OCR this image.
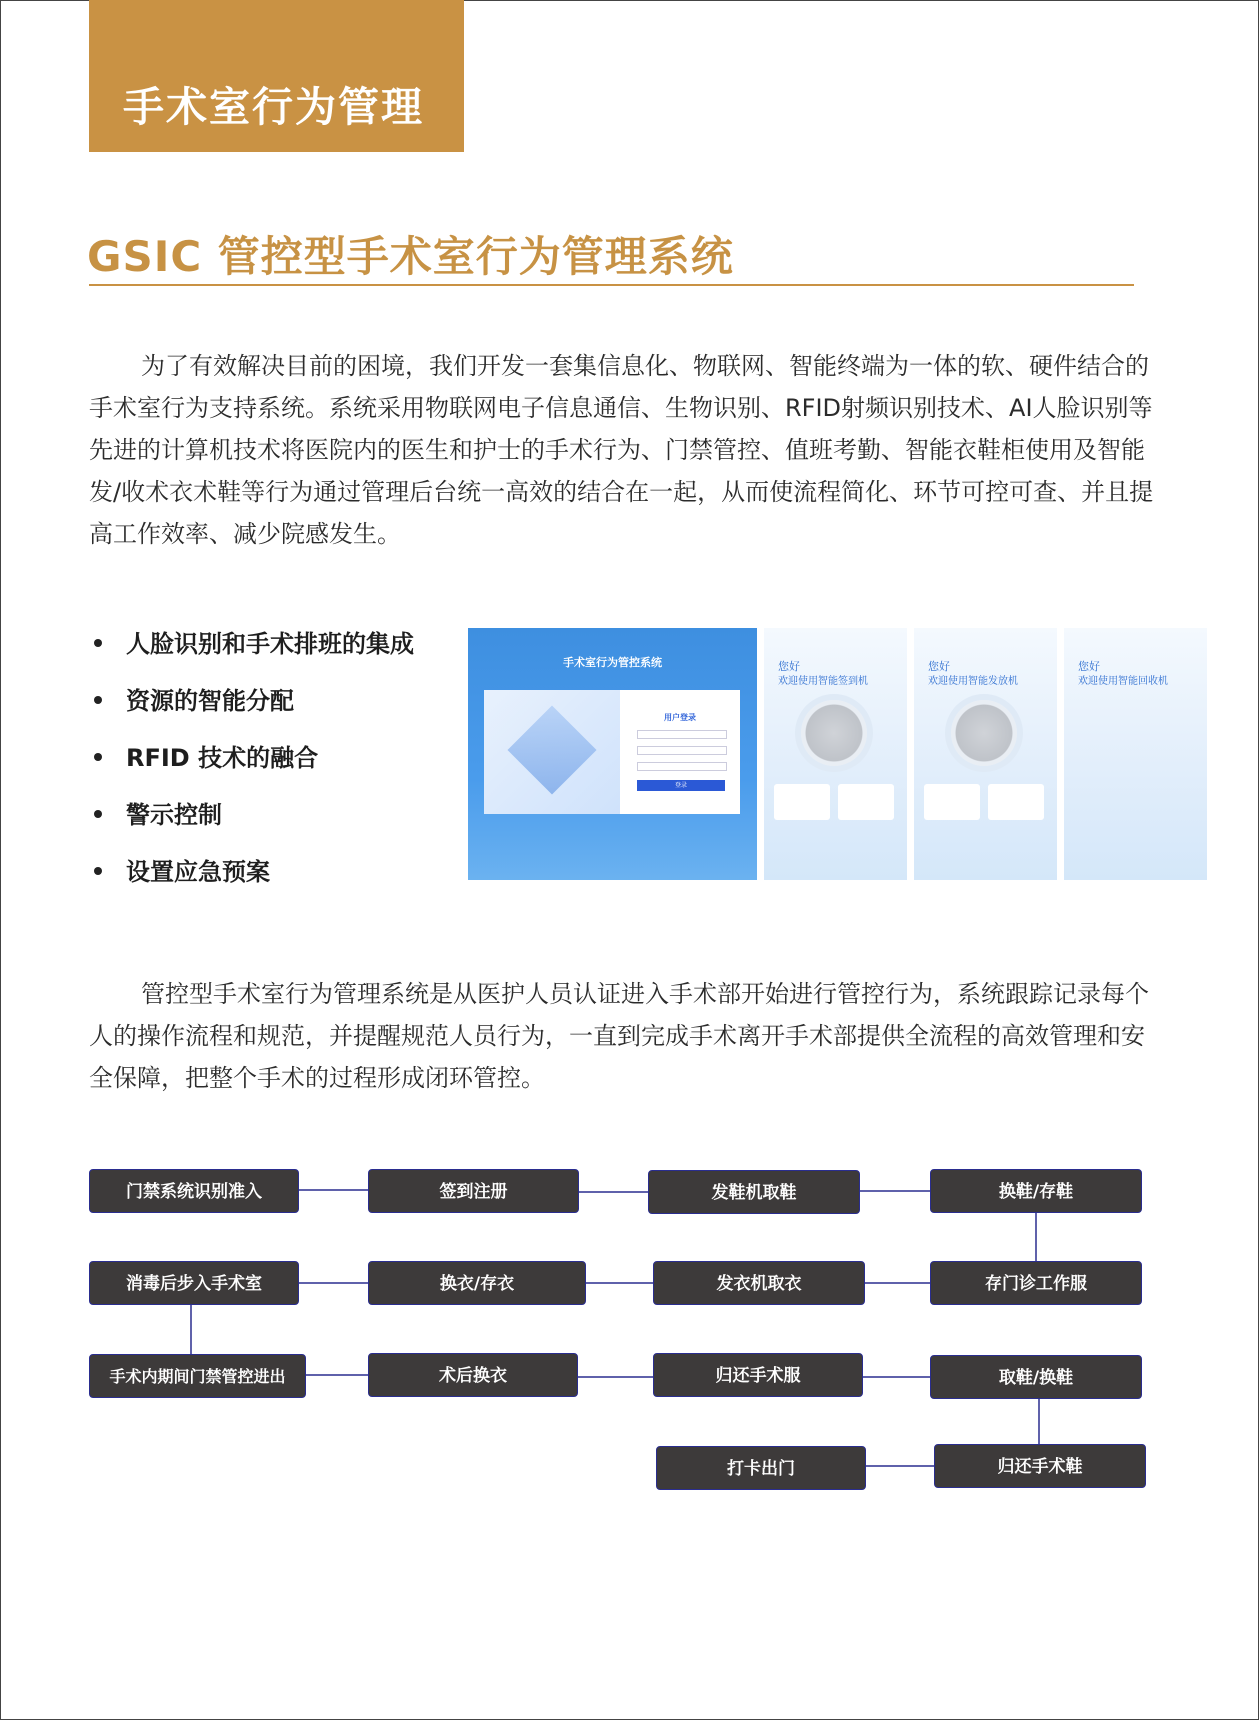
手术室行为管理
GSIC 管控型手术室行为管理系统

为了有效解决目前的困境，我们开发一套集信息化、物联网、智能终端为一体的软、硬件结合的手术室行为支持系统。系统采用物联网电子信息通信、生物识别、RFID射频识别技术、AI人脸识别等先进的计算机技术将医院内的医生和护士的手术行为、门禁管控、值班考勤、智能衣鞋柜使用及智能发/收术衣术鞋等行为通过管理后台统一高效的结合在一起，从而使流程简化、环节可控可查、并且提高工作效率、减少院感发生。

人脸识别和手术排班的集成
资源的智能分配
RFID 技术的融合
警示控制
设置应急预案
手术室行为管控系统
用户登录
登录
您好
欢迎使用智能签到机
您好
欢迎使用智能发放机
您好
欢迎使用智能回收机

管控型手术室行为管理系统是从医护人员认证进入手术部开始进行管控行为，系统跟踪记录每个人的操作流程和规范，并提醒规范人员行为，一直到完成手术离开手术部提供全流程的高效管理和安全保障，把整个手术的过程形成闭环管控。

门禁系统识别准入	签到注册	发鞋机取鞋	换鞋/存鞋
存门诊工作服
发衣机取衣
换衣/存衣
消毒后步入手术室
手术内期间门禁管控进出	术后换衣	归还手术服	取鞋/换鞋
归还手术鞋
打卡出门
